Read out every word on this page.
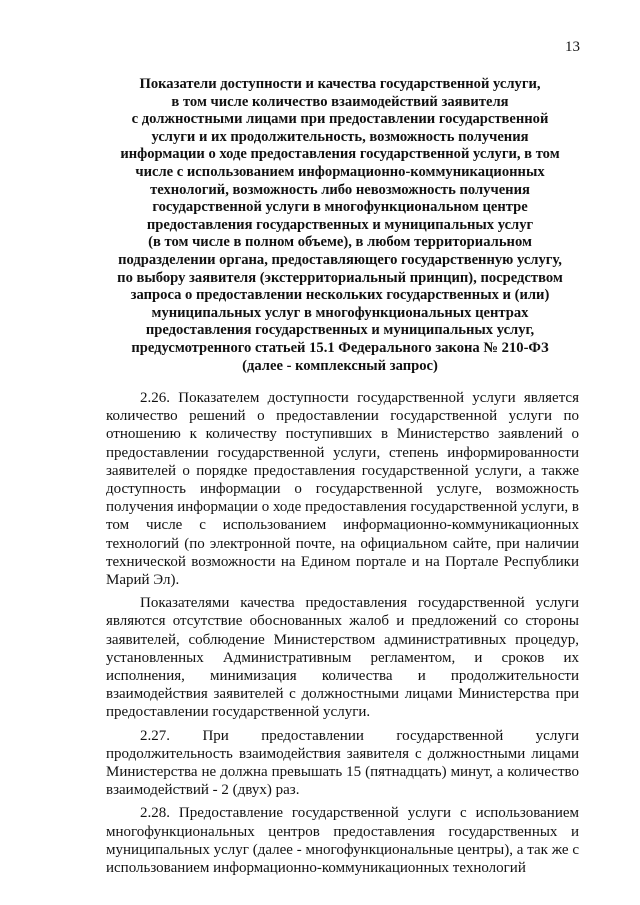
13
Показатели доступности и качества государственной услуги,
в том числе количество взаимодействий заявителя
с должностными лицами при предоставлении государственной
услуги и их продолжительность, возможность получения
информации о ходе предоставления государственной услуги, в том
числе с использованием информационно-коммуникационных
технологий, возможность либо невозможность получения
государственной услуги в многофункциональном центре
предоставления государственных и муниципальных услуг
(в том числе в полном объеме), в любом территориальном
подразделении органа, предоставляющего государственную услугу,
по выбору заявителя (экстерриториальный принцип), посредством
запроса о предоставлении нескольких государственных и (или)
муниципальных услуг в многофункциональных центрах
предоставления государственных и муниципальных услуг,
предусмотренного статьей 15.1 Федерального закона № 210-ФЗ
(далее - комплексный запрос)

2.26. Показателем доступности государственной услуги является количество решений о предоставлении государственной услуги по отношению к количеству поступивших в Министерство заявлений о предоставлении государственной услуги, степень информированности заявителей о порядке предоставления государственной услуги, а также доступность информации о государственной услуге, возможность получения информации о ходе предоставления государственной услуги, в том числе с использованием информационно-коммуникационных технологий (по электронной почте, на официальном сайте, при наличии технической возможности на Едином портале и на Портале Республики Марий Эл).

Показателями качества предоставления государственной услуги являются отсутствие обоснованных жалоб и предложений со стороны заявителей, соблюдение Министерством административных процедур, установленных Административным регламентом, и сроков их исполнения, минимизация количества и продолжительности взаимодействия заявителей с должностными лицами Министерства при предоставлении государственной услуги.

2.27. При предоставлении государственной услуги продолжительность взаимодействия заявителя с должностными лицами Министерства не должна превышать 15 (пятнадцать) минут, а количество взаимодействий - 2 (двух) раз.

2.28. Предоставление государственной услуги с использованием многофункциональных центров предоставления государственных и муниципальных услуг (далее - многофункциональные центры), а так же с использованием информационно-коммуникационных технологий
